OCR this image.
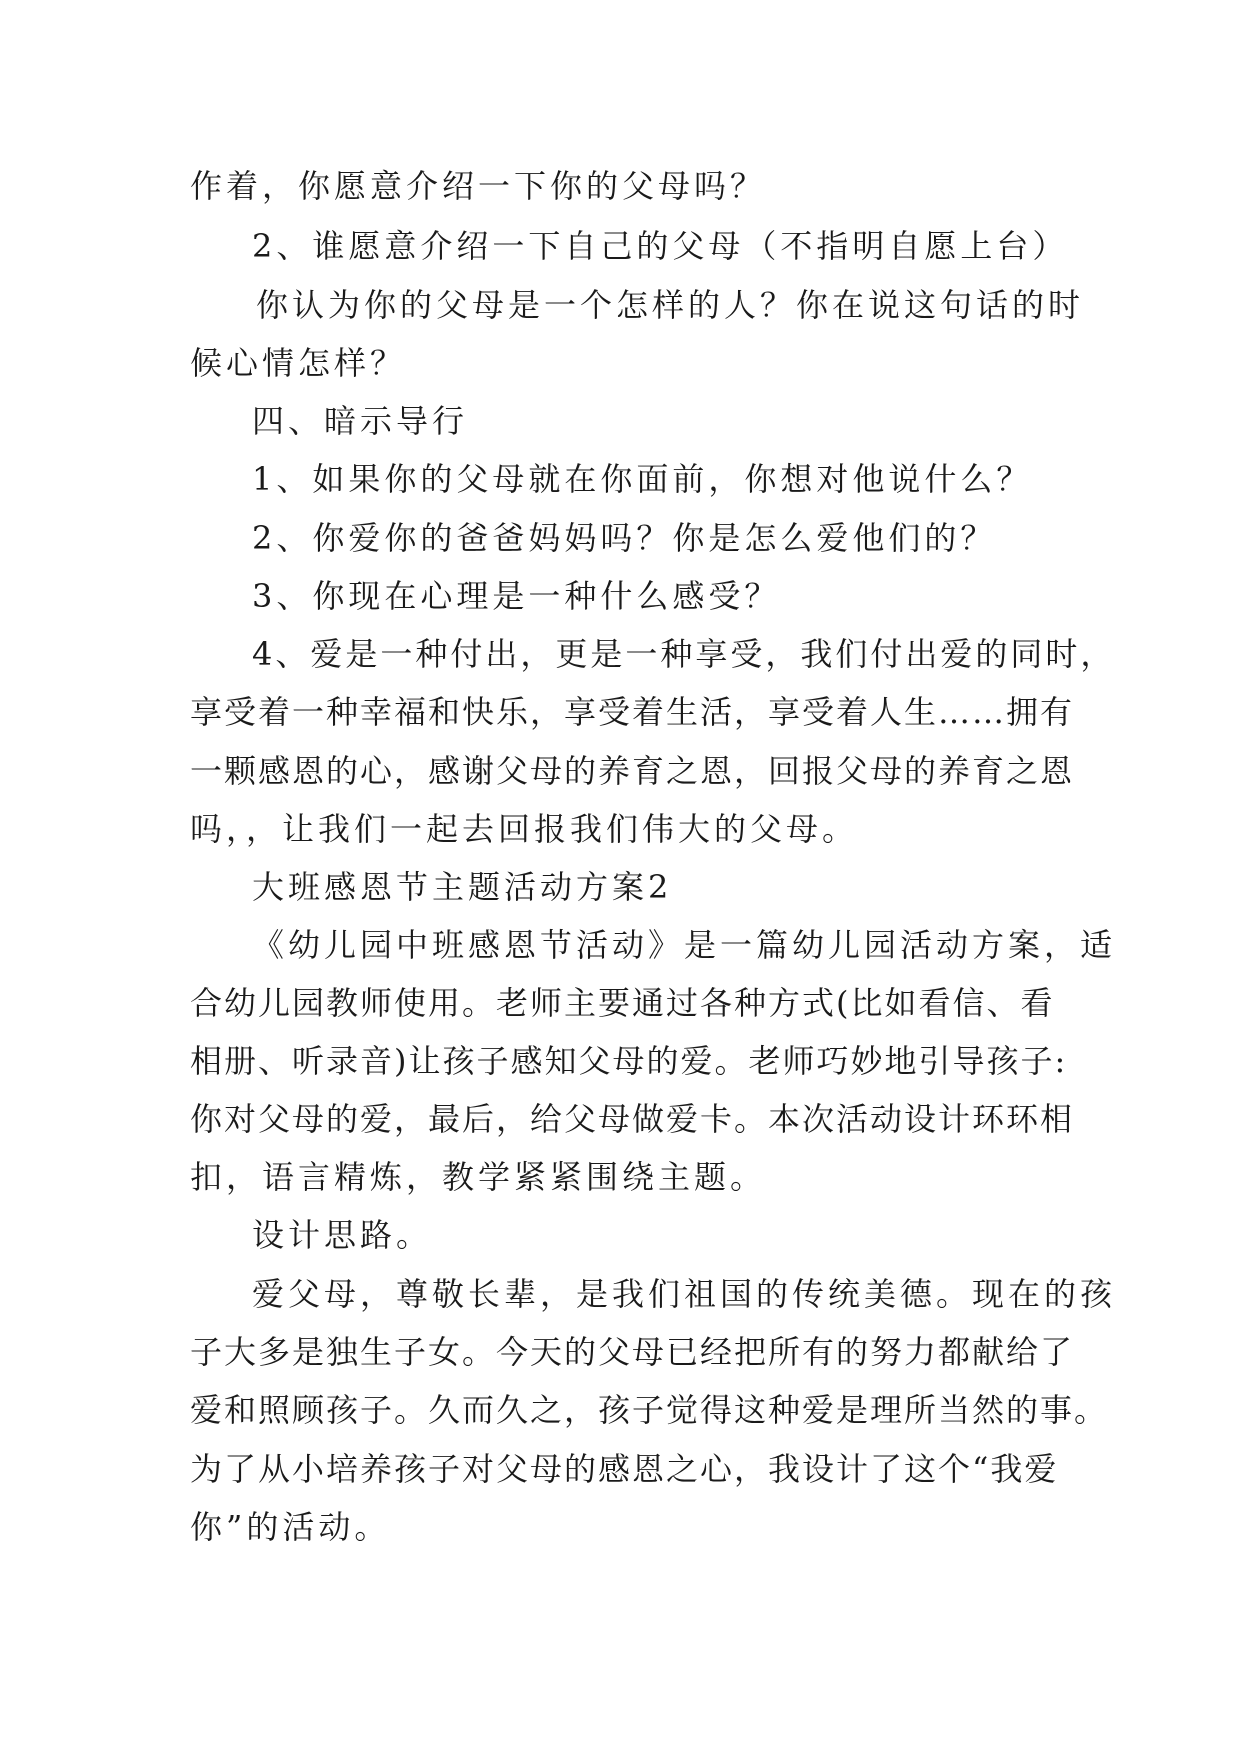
作着，你愿意介绍一下你的父母吗？
2、谁愿意介绍一下自己的父母（不指明自愿上台）
你认为你的父母是一个怎样的人？你在说这句话的时
候心情怎样？
四、暗示导行
1、如果你的父母就在你面前，你想对他说什么？
2、你爱你的爸爸妈妈吗？你是怎么爱他们的？
3、你现在心理是一种什么感受？
4、爱是一种付出，更是一种享受，我们付出爱的同时，
享受着一种幸福和快乐，享受着生活，享受着人生……拥有
一颗感恩的心，感谢父母的养育之恩，回报父母的养育之恩
吗，，让我们一起去回报我们伟大的父母。
大班感恩节主题活动方案2
《幼儿园中班感恩节活动》是一篇幼儿园活动方案，适
合幼儿园教师使用。老师主要通过各种方式(比如看信、看
相册、听录音)让孩子感知父母的爱。老师巧妙地引导孩子:
你对父母的爱，最后，给父母做爱卡。本次活动设计环环相
扣，语言精炼，教学紧紧围绕主题。
设计思路。
爱父母，尊敬长辈，是我们祖国的传统美德。现在的孩
子大多是独生子女。今天的父母已经把所有的努力都献给了
爱和照顾孩子。久而久之，孩子觉得这种爱是理所当然的事。
为了从小培养孩子对父母的感恩之心，我设计了这个“我爱
你”的活动。
